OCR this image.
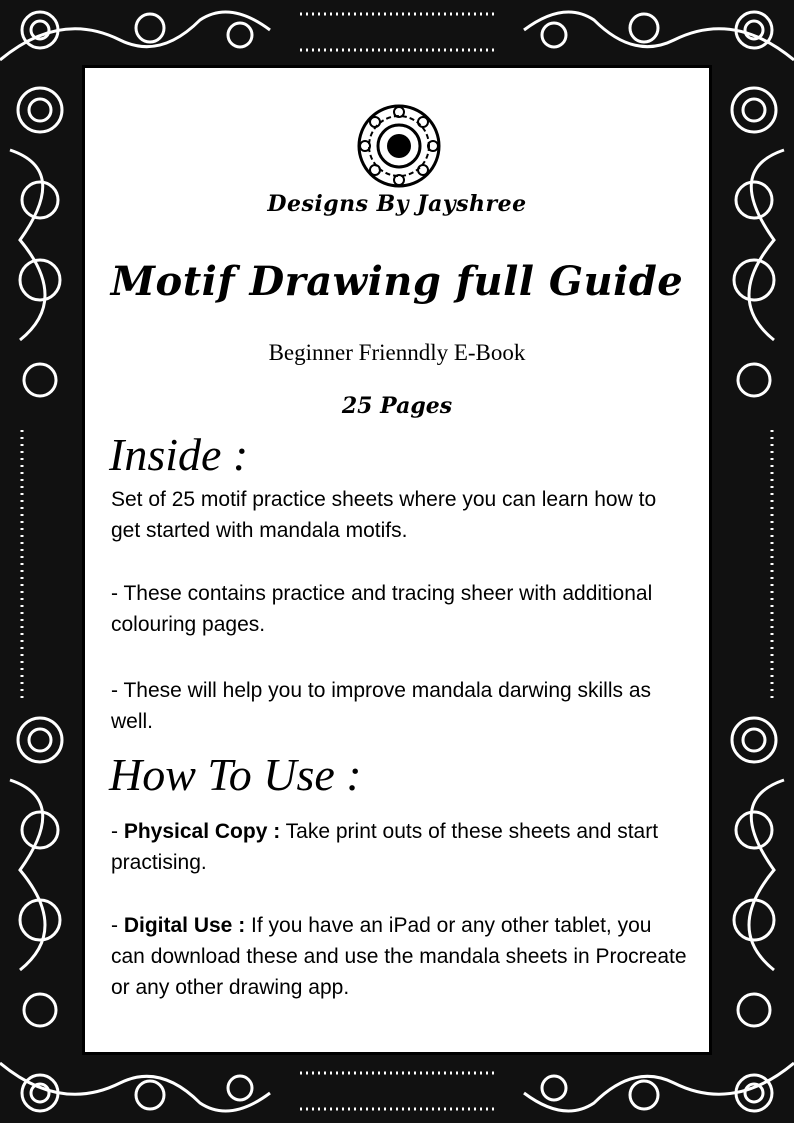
Designs By Jayshree
Motif Drawing full Guide
Beginner Frienndly E-Book
25 Pages
Inside :
Set of 25 motif practice sheets where you can learn how to get started with mandala motifs.
- These contains practice and tracing sheer with additional colouring pages.
- These will help you to improve mandala darwing skills as well.
How To Use :
- Physical Copy : Take print outs of these sheets and start practising.
- Digital Use : If you have an iPad or any other tablet, you can download these and use the mandala sheets in Procreate or any other drawing app.
